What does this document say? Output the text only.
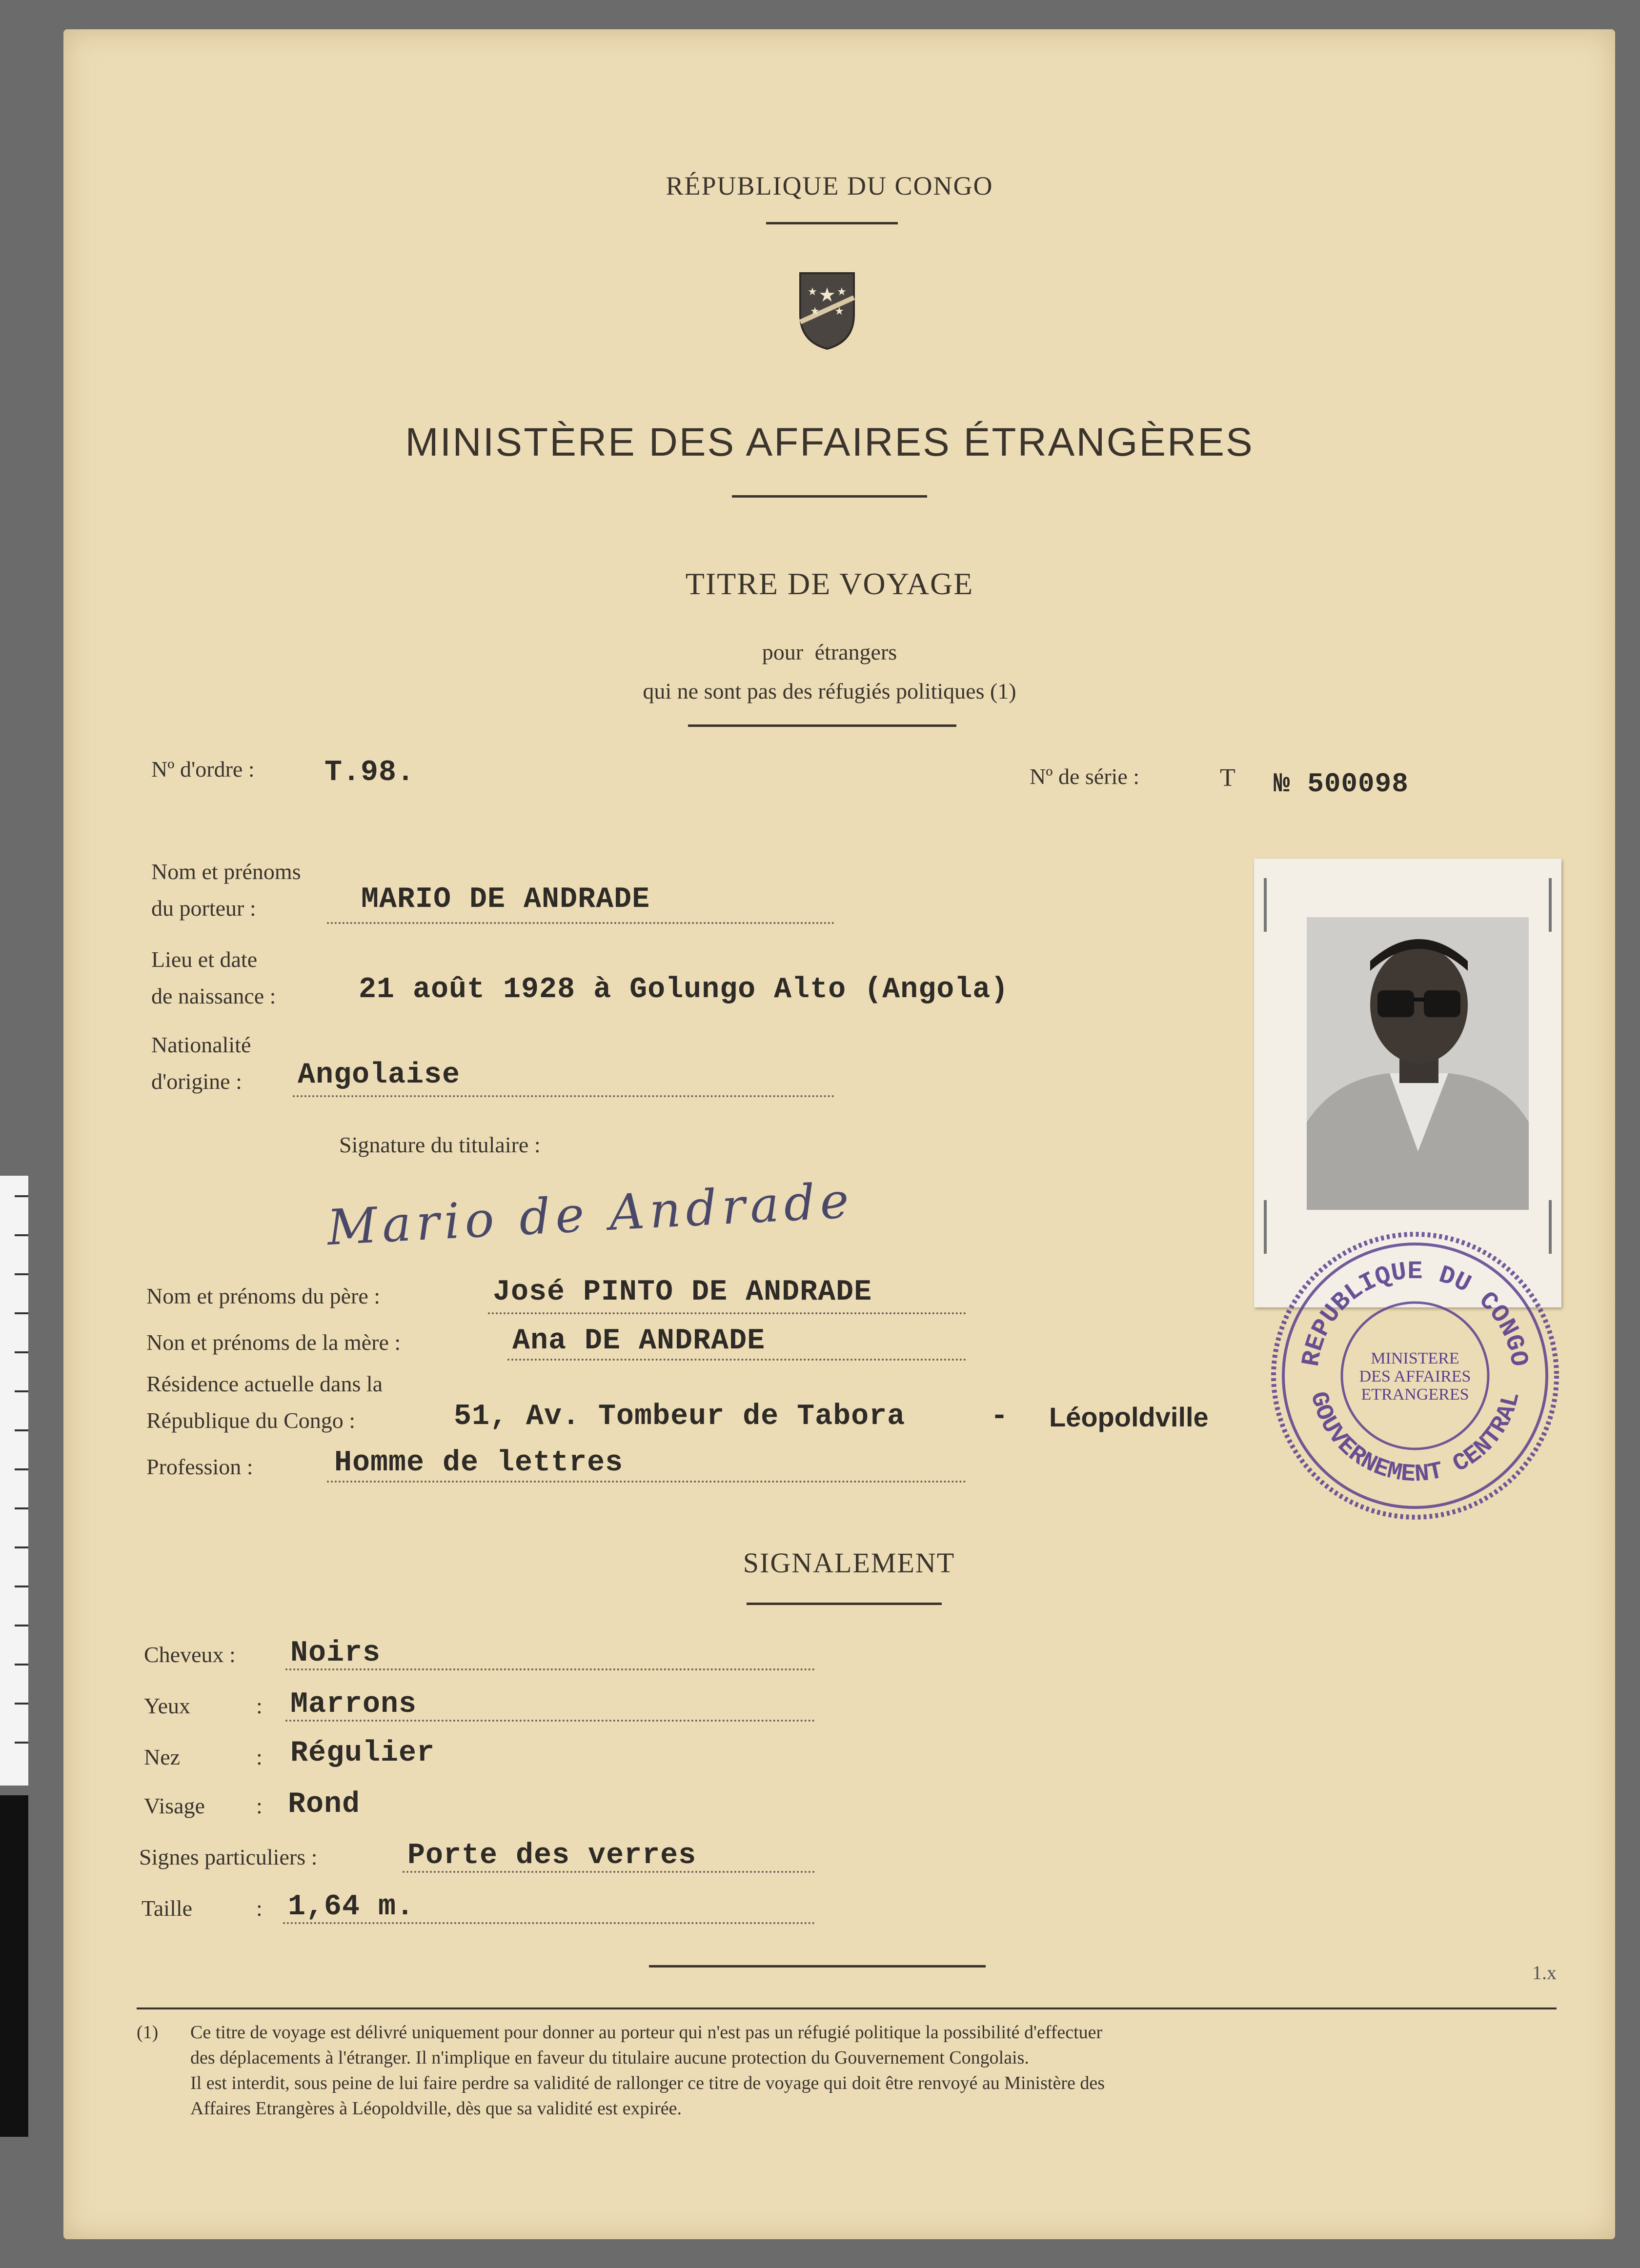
RÉPUBLIQUE DU CONGO
★
★ ★
★ ★
MINISTÈRE DES AFFAIRES ÉTRANGÈRES
TITRE DE VOYAGE
pour étrangers
qui ne sont pas des réfugiés politiques (1)
Nº d'ordre : T.98.	Nº de série :	T № 500098
Nom et prénoms
du porteur :	MARIO DE ANDRADE
Lieu et date
de naissance :	21 août 1928 à Golungo Alto (Angola)
Nationalité
d'origine : Angolaise
Signature du titulaire :
Mario de Andrade
Nom et prénoms du père :	José PINTO DE ANDRADE
Non et prénoms de la mère :	Ana DE ANDRADE
Résidence actuelle dans la
République du Congo :	51, Av. Tombeur de Tabora	- Léopoldville
Profession :	Homme de lettres
SIGNALEMENT
Cheveux : Noirs
Yeux	: Marrons
Nez	: Régulier
Visage : Rond
Signes particuliers :	Porte des verres
Taille	: 1,64 m.
1.x
(1) Ce titre de voyage est délivré uniquement pour donner au porteur qui n'est pas un réfugié politique la possibilité d'effectuer
des déplacements à l'étranger. Il n'implique en faveur du titulaire aucune protection du Gouvernement Congolais.
Il est interdit, sous peine de lui faire perdre sa validité de rallonger ce titre de voyage qui doit être renvoyé au Ministère des
Affaires Etrangères à Léopoldville, dès que sa validité est expirée.
REPUBLIQUE DU CONGO
GOUVERNEMENT CENTRAL
MINISTERE
DES AFFAIRES
ETRANGERES
